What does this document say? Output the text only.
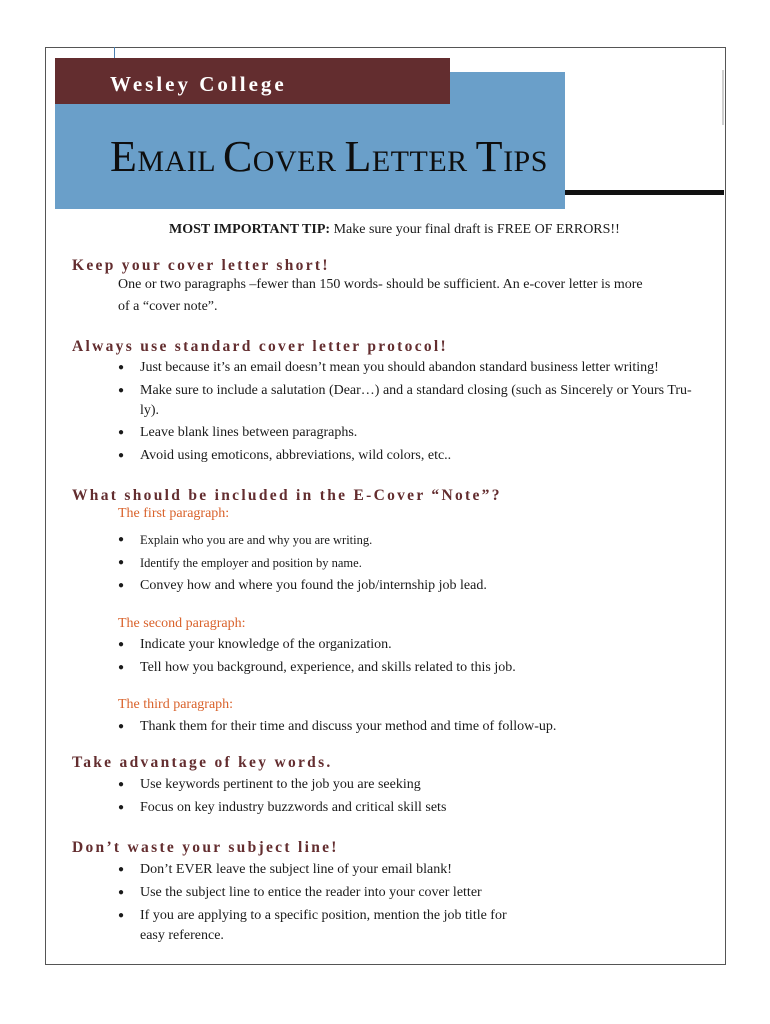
Wesley College
EMAIL COVER LETTER TIPS
MOST IMPORTANT TIP: Make sure your final draft is FREE OF ERRORS!!
Keep your cover letter short!
One or two paragraphs –fewer than 150 words- should be sufficient. An e-cover letter is more
of a “cover note”.
Always use standard cover letter protocol!
●	Just because it’s an email doesn’t mean you should abandon standard business letter writing!
●	Make sure to include a salutation (Dear…) and a standard closing (such as Sincerely or Yours Tru-ly).
●	Leave blank lines between paragraphs.
●	Avoid using emoticons, abbreviations, wild colors, etc..
What should be included in the E-Cover “Note”?
The first paragraph:
●	Explain who you are and why you are writing.
●	Identify the employer and position by name.
●	Convey how and where you found the job/internship job lead.
The second paragraph:
●	Indicate your knowledge of the organization.
●	Tell how you background, experience, and skills related to this job.
The third paragraph:
●	Thank them for their time and discuss your method and time of follow-up.
Take advantage of key words.
●	Use keywords pertinent to the job you are seeking
●	Focus on key industry buzzwords and critical skill sets
Don’t waste your subject line!
●	Don’t EVER leave the subject line of your email blank!
●	Use the subject line to entice the reader into your cover letter
●	If you are applying to a specific position, mention the job title for easy reference.
